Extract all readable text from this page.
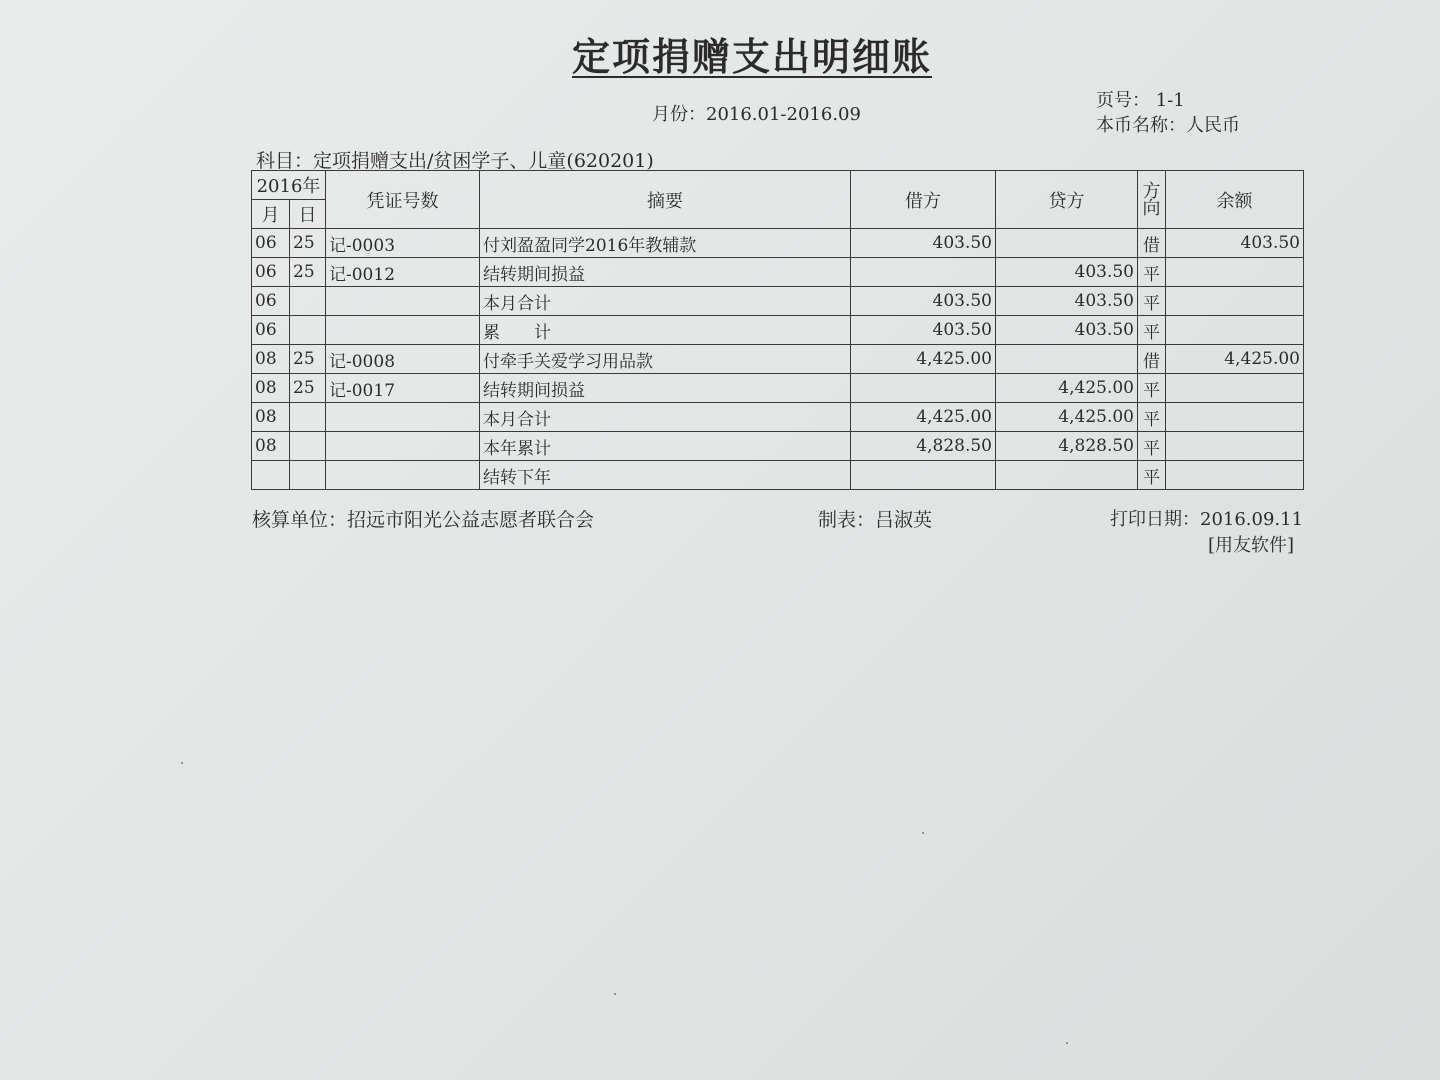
定项捐赠支出明细账
月份：2016.01-2016.09
页号： 1-1
本币名称：人民币
科目：定项捐赠支出/贫困学子、儿童(620201)
2016年		凭证号数	摘要	借方	贷方	方向	余额
月	日						
06	25	记-0003	付刘盈盈同学2016年教辅款	403.50		借	403.50
06	25	记-0012	结转期间损益		403.50	平	
06			本月合计	403.50	403.50	平	
06			累　　计	403.50	403.50	平	
08	25	记-0008	付牵手关爱学习用品款	4,425.00		借	4,425.00
08	25	记-0017	结转期间损益		4,425.00	平	
08			本月合计	4,425.00	4,425.00	平	
08			本年累计	4,828.50	4,828.50	平	
			结转下年			平	
核算单位：招远市阳光公益志愿者联合会	制表：吕淑英	打印日期：2016.09.11
[用友软件]
